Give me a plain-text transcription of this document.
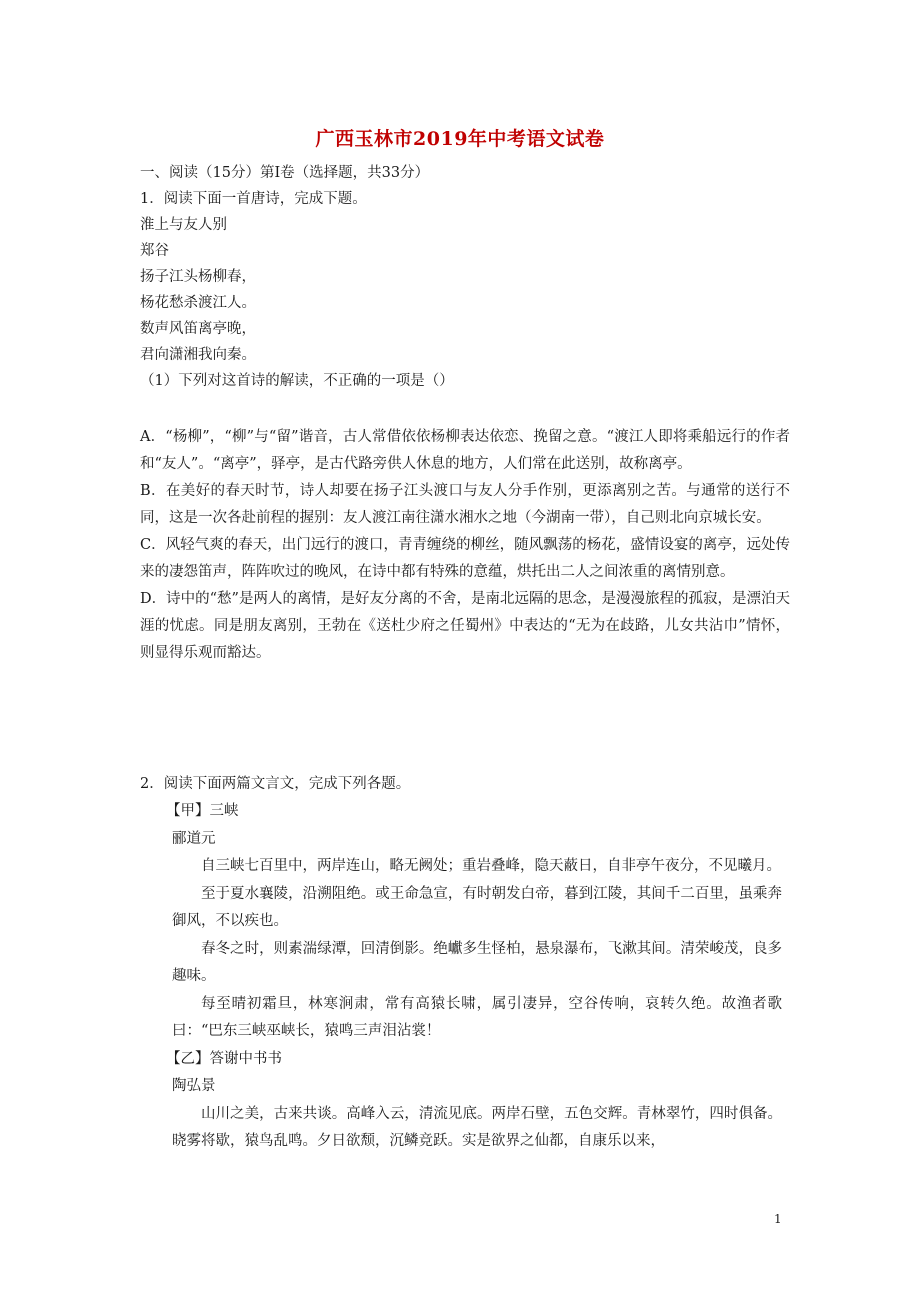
广西玉林市2019年中考语文试卷
一、阅读（15分）第Ⅰ卷（选择题，共33分）
1．阅读下面一首唐诗，完成下题。
淮上与友人别
郑谷
扬子江头杨柳春，
杨花愁杀渡江人。
数声风笛离亭晚，
君向潇湘我向秦。
（1）下列对这首诗的解读，不正确的一项是（）
A．“杨柳”，“柳”与“留”谐音，古人常借依依杨柳表达依恋、挽留之意。“渡江人即将乘船远行的作者和“友人”。“离亭”，驿亭，是古代路旁供人休息的地方，人们常在此送别，故称离亭。
B．在美好的春天时节，诗人却要在扬子江头渡口与友人分手作别，更添离别之苦。与通常的送行不同，这是一次各赴前程的握别：友人渡江南往潇水湘水之地（今湖南一带），自己则北向京城长安。
C．风轻气爽的春天，出门远行的渡口，青青缠绕的柳丝，随风飘荡的杨花，盛情设宴的离亭，远处传来的凄怨笛声，阵阵吹过的晚风，在诗中都有特殊的意蕴，烘托出二人之间浓重的离情别意。
D．诗中的“愁”是两人的离情，是好友分离的不舍，是南北远隔的思念，是漫漫旅程的孤寂，是漂泊天涯的忧虑。同是朋友离别，王勃在《送杜少府之任蜀州》中表达的“无为在歧路，儿女共沾巾”情怀，则显得乐观而豁达。
2．阅读下面两篇文言文，完成下列各题。
【甲】三峡
郦道元

自三峡七百里中，两岸连山，略无阙处；重岩叠峰，隐天蔽日，自非亭午夜分，不见曦月。

至于夏水襄陵，沿溯阻绝。或王命急宣，有时朝发白帝，暮到江陵，其间千二百里，虽乘奔御风，不以疾也。

春冬之时，则素湍绿潭，回清倒影。绝巘多生怪柏，悬泉瀑布，飞漱其间。清荣峻茂，良多趣味。

每至晴初霜旦，林寒涧肃，常有高猿长啸，属引凄异，空谷传响，哀转久绝。故渔者歌曰：“巴东三峡巫峡长，猿鸣三声泪沾裳！

【乙】答谢中书书
陶弘景

山川之美，古来共谈。高峰入云，清流见底。两岸石壁，五色交辉。青林翠竹，四时俱备。晓雾将歇，猿鸟乱鸣。夕日欲颓，沉鳞竞跃。实是欲界之仙都，自康乐以来，

1
